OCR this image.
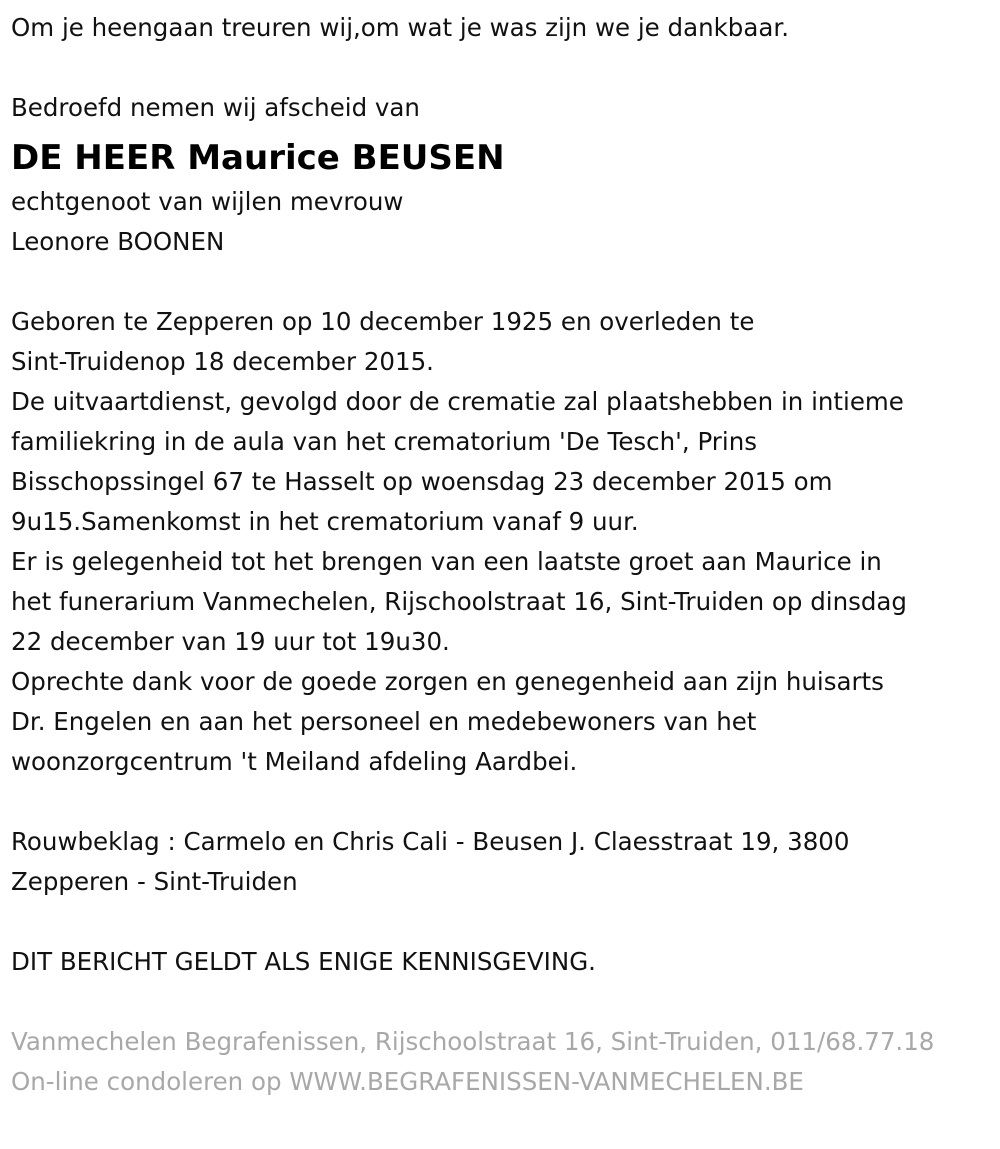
Om je heengaan treuren wij,om wat je was zijn we je dankbaar.
Bedroefd nemen wij afscheid van
DE HEER Maurice BEUSEN
echtgenoot van wijlen mevrouw
Leonore BOONEN
Geboren te Zepperen op 10 december 1925 en overleden te
Sint-Truidenop 18 december 2015.
De uitvaartdienst, gevolgd door de crematie zal plaatshebben in intieme
familiekring in de aula van het crematorium 'De Tesch', Prins
Bisschopssingel 67 te Hasselt op woensdag 23 december 2015 om
9u15.Samenkomst in het crematorium vanaf 9 uur.
Er is gelegenheid tot het brengen van een laatste groet aan Maurice in
het funerarium Vanmechelen, Rijschoolstraat 16, Sint-Truiden op dinsdag
22 december van 19 uur tot 19u30.
Oprechte dank voor de goede zorgen en genegenheid aan zijn huisarts
Dr. Engelen en aan het personeel en medebewoners van het
woonzorgcentrum 't Meiland afdeling Aardbei.
Rouwbeklag : Carmelo en Chris Cali - Beusen J. Claesstraat 19, 3800
Zepperen - Sint-Truiden
DIT BERICHT GELDT ALS ENIGE KENNISGEVING.
Vanmechelen Begrafenissen, Rijschoolstraat 16, Sint-Truiden, 011/68.77.18
On-line condoleren op WWW.BEGRAFENISSEN-VANMECHELEN.BE
